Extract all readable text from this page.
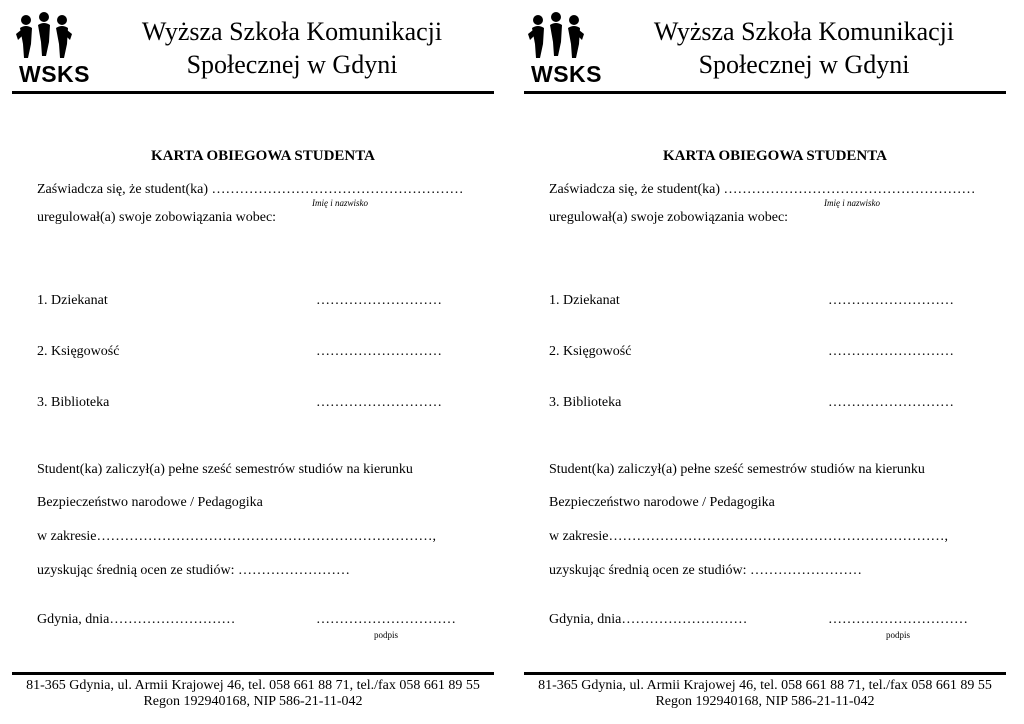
WSKS
Wyższa Szkoła Komunikacji
Społecznej w Gdyni
KARTA OBIEGOWA STUDENTA
Zaświadcza się, że student(ka) ………………………………………………
Imię i nazwisko
uregulował(a) swoje zobowiązania wobec:
1. Dziekanat	………………………
2. Księgowość	………………………
3. Biblioteka	………………………
Student(ka) zaliczył(a) pełne sześć semestrów studiów na kierunku
Bezpieczeństwo narodowe / Pedagogika
w zakresie………………………………………………………………,
uzyskując średnią ocen ze studiów: ……………………
Gdynia, dnia………………………	…………………………
podpis
81-365 Gdynia, ul. Armii Krajowej 46, tel. 058 661 88 71, tel./fax 058 661 89 55
Regon 192940168, NIP 586-21-11-042
WSKS
Wyższa Szkoła Komunikacji
Społecznej w Gdyni
KARTA OBIEGOWA STUDENTA
Zaświadcza się, że student(ka) ………………………………………………
Imię i nazwisko
uregulował(a) swoje zobowiązania wobec:
1. Dziekanat	………………………
2. Księgowość	………………………
3. Biblioteka	………………………
Student(ka) zaliczył(a) pełne sześć semestrów studiów na kierunku
Bezpieczeństwo narodowe / Pedagogika
w zakresie………………………………………………………………,
uzyskując średnią ocen ze studiów: ……………………
Gdynia, dnia………………………	…………………………
podpis
81-365 Gdynia, ul. Armii Krajowej 46, tel. 058 661 88 71, tel./fax 058 661 89 55
Regon 192940168, NIP 586-21-11-042
